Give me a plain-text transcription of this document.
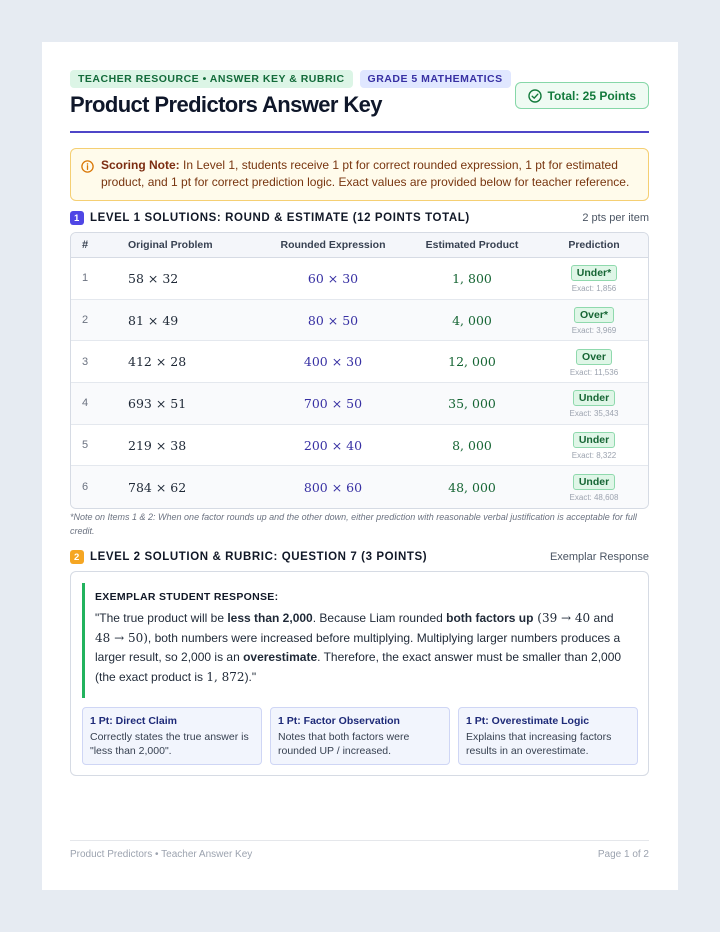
TEACHER RESOURCE • ANSWER KEY & RUBRIC	GRADE 5 MATHEMATICS
Total: 25 Points
Product Predictors Answer Key
Scoring Note: In Level 1, students receive 1 pt for correct rounded expression, 1 pt for estimated product, and 1 pt for correct prediction logic. Exact values are provided below for teacher reference.
1 LEVEL 1 SOLUTIONS: ROUND & ESTIMATE (12 POINTS TOTAL)	2 pts per item
#	Original Problem	Rounded Expression	Estimated Product	Prediction
1	58 × 32	60 × 30	1, 800	Under*
Exact: 1,856
2	81 × 49	80 × 50	4, 000	Over*
Exact: 3,969
3	412 × 28	400 × 30	12, 000	Over
Exact: 11,536
4	693 × 51	700 × 50	35, 000	Under
Exact: 35,343
5	219 × 38	200 × 40	8, 000	Under
Exact: 8,322
6	784 × 62	800 × 60	48, 000	Under
Exact: 48,608
*Note on Items 1 & 2: When one factor rounds up and the other down, either prediction with reasonable verbal justification is acceptable for full credit.
2 LEVEL 2 SOLUTION & RUBRIC: QUESTION 7 (3 POINTS)	Exemplar Response
EXEMPLAR STUDENT RESPONSE:
"The true product will be less than 2,000. Because Liam rounded both factors up (39 → 40 and 48 → 50), both numbers were increased before multiplying. Multiplying larger numbers produces a larger result, so 2,000 is an overestimate. Therefore, the exact answer must be smaller than 2,000 (the exact product is 1, 872)."
1 Pt: Direct Claim
Correctly states the true answer is "less than 2,000".
1 Pt: Factor Observation
Notes that both factors were rounded UP / increased.
1 Pt: Overestimate Logic
Explains that increasing factors results in an overestimate.
Product Predictors • Teacher Answer Key	Page 1 of 2
